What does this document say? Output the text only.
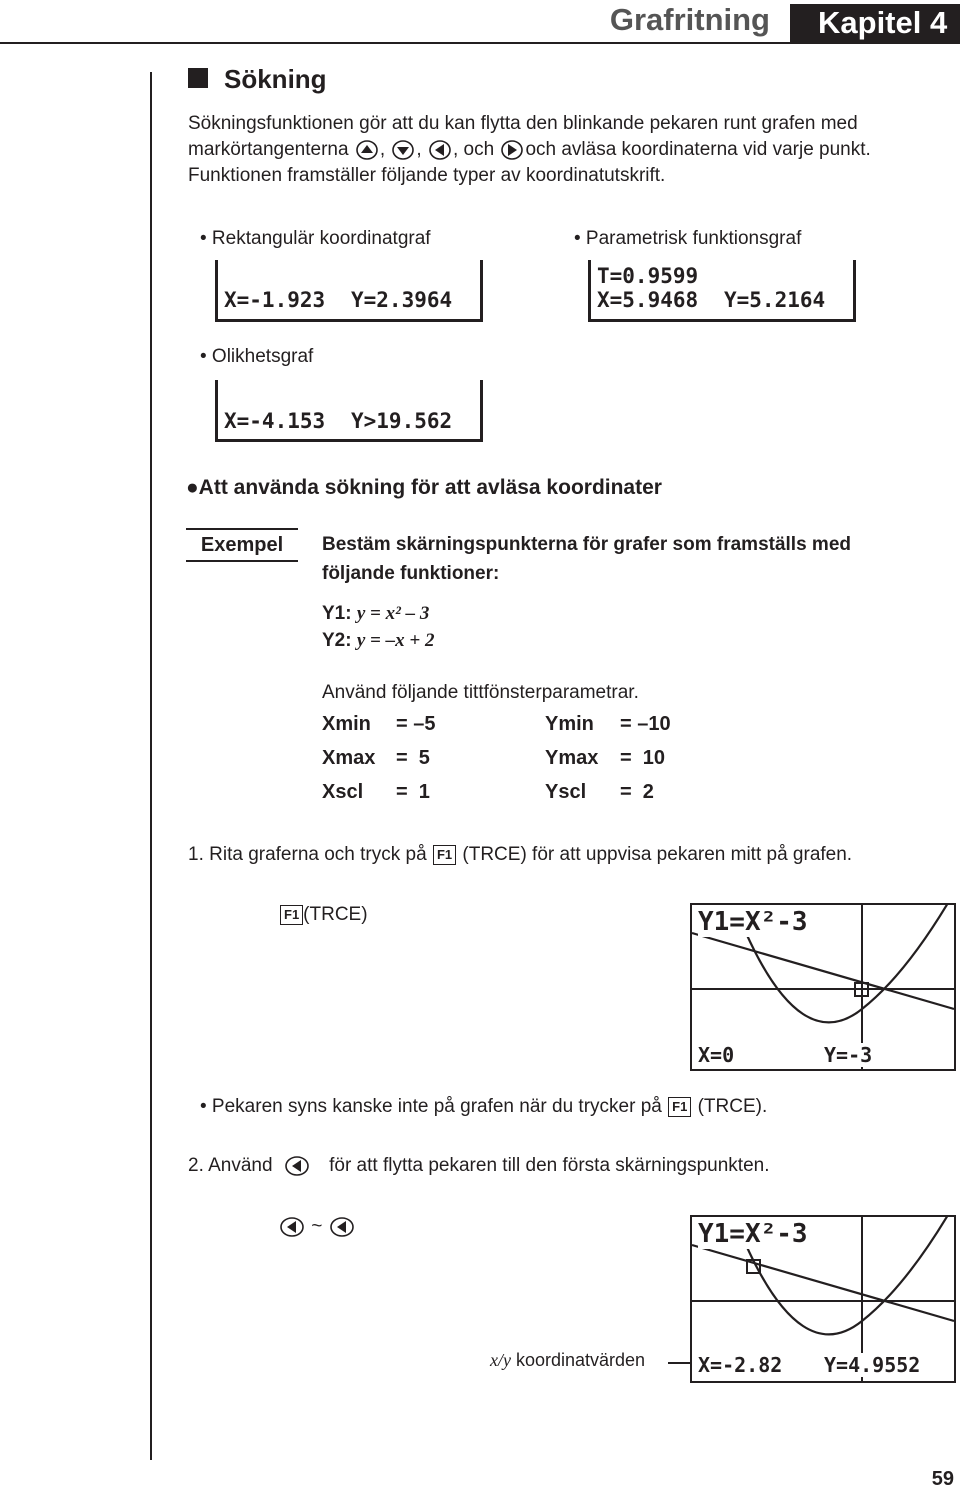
Grafritning	Kapitel 4
Sökning
Sökningsfunktionen gör att du kan flytta den blinkande pekaren runt grafen med
markörtangenterna , , , och och avläsa koordinaterna vid varje punkt.
Funktionen framställer följande typer av koordinatutskrift.
• Rektangulär koordinatgraf	• Parametrisk funktionsgraf
X=-1.923 Y=2.3964
T=0.9599
X=5.9468 Y=5.2164
• Olikhetsgraf
X=-4.153 Y>19.562
●Att använda sökning för att avläsa koordinater
Exempel	Bestäm skärningspunkterna för grafer som framställs med
följande funktioner:
Y1: y = x² – 3
Y2: y = –x + 2
Använd följande tittfönsterparametrar.
Xmin = –5	Ymin = –10
Xmax =  5	Ymax =  10
Xscl =  1	Yscl =  2
1. Rita graferna och tryck på F1 (TRCE) för att uppvisa pekaren mitt på grafen.
F1 (TRCE)	Y1=X²-3
X=0	Y=-3
• Pekaren syns kanske inte på grafen när du trycker på F1 (TRCE).
2. Använd	för att flytta pekaren till den första skärningspunkten.
~	Y1=X²-3
X=-2.82 Y=4.9552
x/y koordinatvärden
59
